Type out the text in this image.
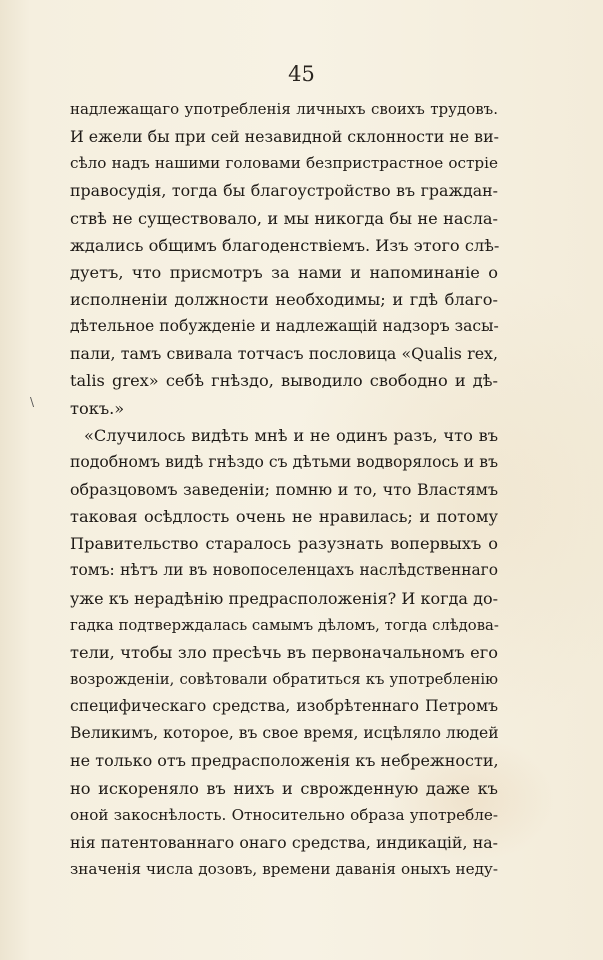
45
\
надлежащаго употребленія личныхъ своихъ трудовъ.
И ежели бы при сей незавидной склонности не ви-
сѣло надъ нашими головами безпристрастное остріе
правосудія, тогда бы благоустройство въ граждан-
ствѣ не существовало, и мы никогда бы не насла-
ждались общимъ благоденствіемъ. Изъ этого слѣ-
дуетъ, что присмотръ за нами и напоминаніе о
исполненіи должности необходимы; и гдѣ благо-
дѣтельное побужденіе и надлежащій надзоръ засы-
пали, тамъ свивала тотчасъ пословица «Qualis rex,
talis grex» себѣ гнѣздо, выводило свободно и дѣ-
токъ.»
«Случилось видѣть мнѣ и не одинъ разъ, что въ
подобномъ видѣ гнѣздо съ дѣтьми водворялось и въ
образцовомъ заведеніи; помню и то, что Властямъ
таковая осѣдлость очень не нравилась; и потому
Правительство старалось разузнать вопервыхъ о
томъ: нѣтъ ли въ новопоселенцахъ наслѣдственнаго
уже къ нерадѣнію предрасположенія? И когда до-
гадка подтверждалась самымъ дѣломъ, тогда слѣдова-
тели, чтобы зло пресѣчь въ первоначальномъ его
возрожденіи, совѣтовали обратиться къ употребленію
специфическаго средства, изобрѣтеннаго Петромъ
Великимъ, которое, въ свое время, исцѣляло людей
не только отъ предрасположенія къ небрежности,
но искореняло въ нихъ и сврожденную даже къ
оной закоснѣлость. Относительно образа употребле-
нія патентованнаго онаго средства, индикацій, на-
значенія числа дозовъ, времени даванія оныхъ неду-
